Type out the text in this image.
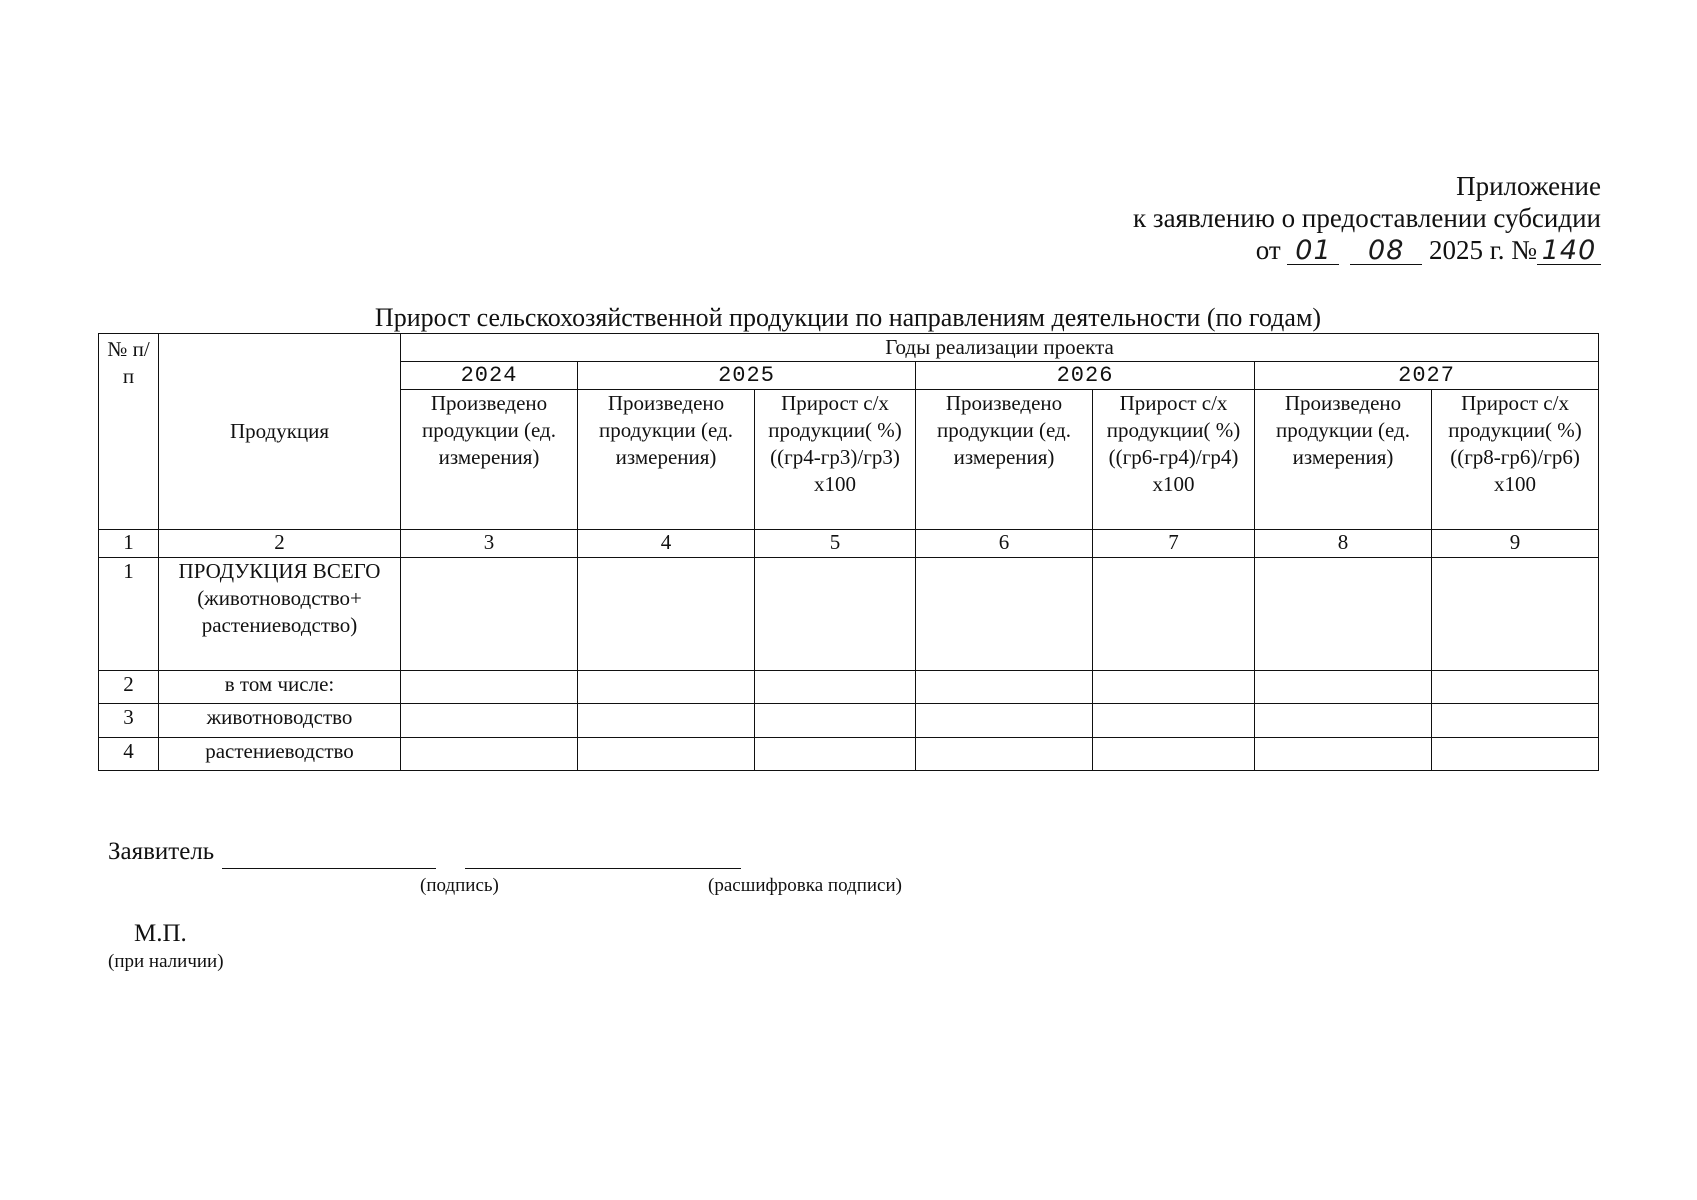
Приложение
к заявлению о предоставлении субсидии
от 01 08 2025 г. № 140
Прирост сельскохозяйственной продукции по направлениям деятельности (по годам)
№ п/п	Продукция	Годы реализации проекта						
		2024	2025		2026		2027	
		Произведено продукции (ед. измерения)	Произведено продукции (ед. измерения)	Прирост с/х продукции( %) ((гр4-гр3)/гр3) х100	Произведено продукции (ед. измерения)	Прирост с/х продукции( %) ((гр6-гр4)/гр4) х100	Произведено продукции (ед. измерения)	Прирост с/х продукции( %) ((гр8-гр6)/гр6) х100
1	2	3	4	5	6	7	8	9
1	ПРОДУКЦИЯ ВСЕГО (животноводство+ растениеводство)							
2	в том числе:							
3	животноводство							
4	растениеводство							
Заявитель
(подпись)	(расшифровка подписи)
М.П.
(при наличии)
